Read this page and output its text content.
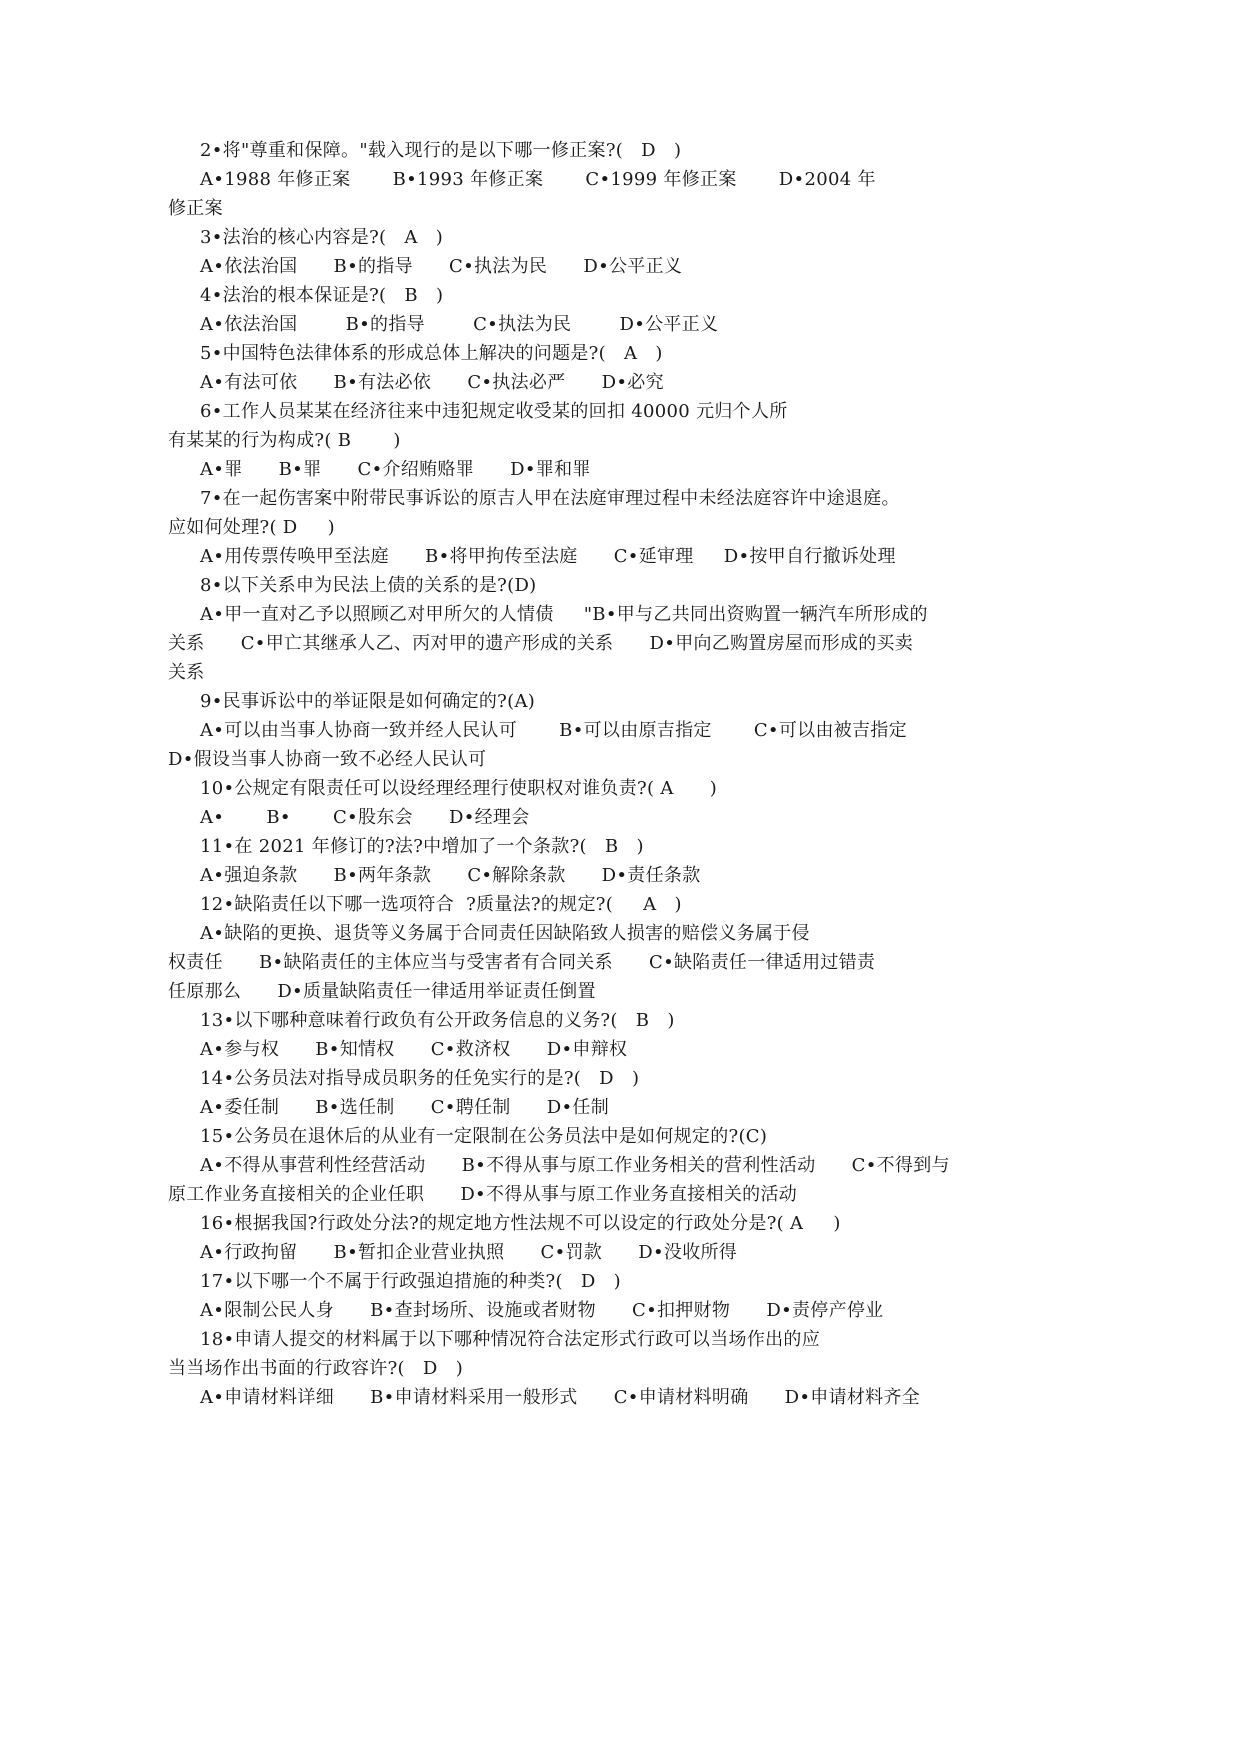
2•将"尊重和保障。"载入现行的是以下哪一修正案?(   D   )
A•1988 年修正案       B•1993 年修正案       C•1999 年修正案       D•2004 年
修正案
3•法治的核心内容是?(   A   )
A•依法治国      B•的指导      C•执法为民      D•公平正义
4•法治的根本保证是?(   B   )
A•依法治国        B•的指导        C•执法为民        D•公平正义
5•中国特色法律体系的形成总体上解决的问题是?(   A   )
A•有法可依      B•有法必依      C•执法必严      D•必究
6•工作人员某某在经济往来中违犯规定收受某的回扣 40000 元归个人所
有某某的行为构成?( B       )
A•罪      B•罪      C•介绍贿赂罪      D•罪和罪
7•在一起伤害案中附带民事诉讼的原吉人甲在法庭审理过程中未经法庭容许中途退庭。
应如何处理?( D     )
A•用传票传唤甲至法庭      B•将甲拘传至法庭      C•延审理     D•按甲自行撤诉处理
8•以下关系申为民法上债的关系的是?(D)
A•甲一直对乙予以照顾乙对甲所欠的人情债     "B•甲与乙共同出资购置一辆汽车所形成的
关系      C•甲亡其继承人乙、丙对甲的遗产形成的关系      D•甲向乙购置房屋而形成的买卖
关系
9•民事诉讼中的举证限是如何确定的?(A)
A•可以由当事人协商一致并经人民认可       B•可以由原吉指定       C•可以由被吉指定
D•假设当事人协商一致不必经人民认可
10•公规定有限责任可以设经理经理行使职权对谁负责?( A      )
A•       B•       C•股东会      D•经理会
11•在 2021 年修订的?法?中增加了一个条款?(   B   )
A•强迫条款      B•两年条款      C•解除条款      D•责任条款
12•缺陷责任以下哪一选项符合  ?质量法?的规定?(     A   )
A•缺陷的更换、退货等义务属于合同责任因缺陷致人损害的赔偿义务属于侵
权责任      B•缺陷责任的主体应当与受害者有合同关系      C•缺陷责任一律适用过错责
任原那么      D•质量缺陷责任一律适用举证责任倒置
13•以下哪种意味着行政负有公开政务信息的义务?(   B   )
A•参与权      B•知情权      C•救济权      D•申辩权
14•公务员法对指导成员职务的任免实行的是?(   D   )
A•委任制      B•选任制      C•聘任制      D•任制
15•公务员在退休后的从业有一定限制在公务员法中是如何规定的?(C)
A•不得从事营利性经营活动      B•不得从事与原工作业务相关的营利性活动      C•不得到与
原工作业务直接相关的企业任职      D•不得从事与原工作业务直接相关的活动
16•根据我国?行政处分法?的规定地方性法规不可以设定的行政处分是?( A     )
A•行政拘留      B•暂扣企业营业执照      C•罚款      D•没收所得
17•以下哪一个不属于行政强迫措施的种类?(   D   )
A•限制公民人身      B•查封场所、设施或者财物      C•扣押财物      D•责停产停业
18•申请人提交的材料属于以下哪种情况符合法定形式行政可以当场作出的应
当当场作出书面的行政容许?(   D   )
A•申请材料详细      B•申请材料采用一般形式      C•申请材料明确      D•申请材料齐全
